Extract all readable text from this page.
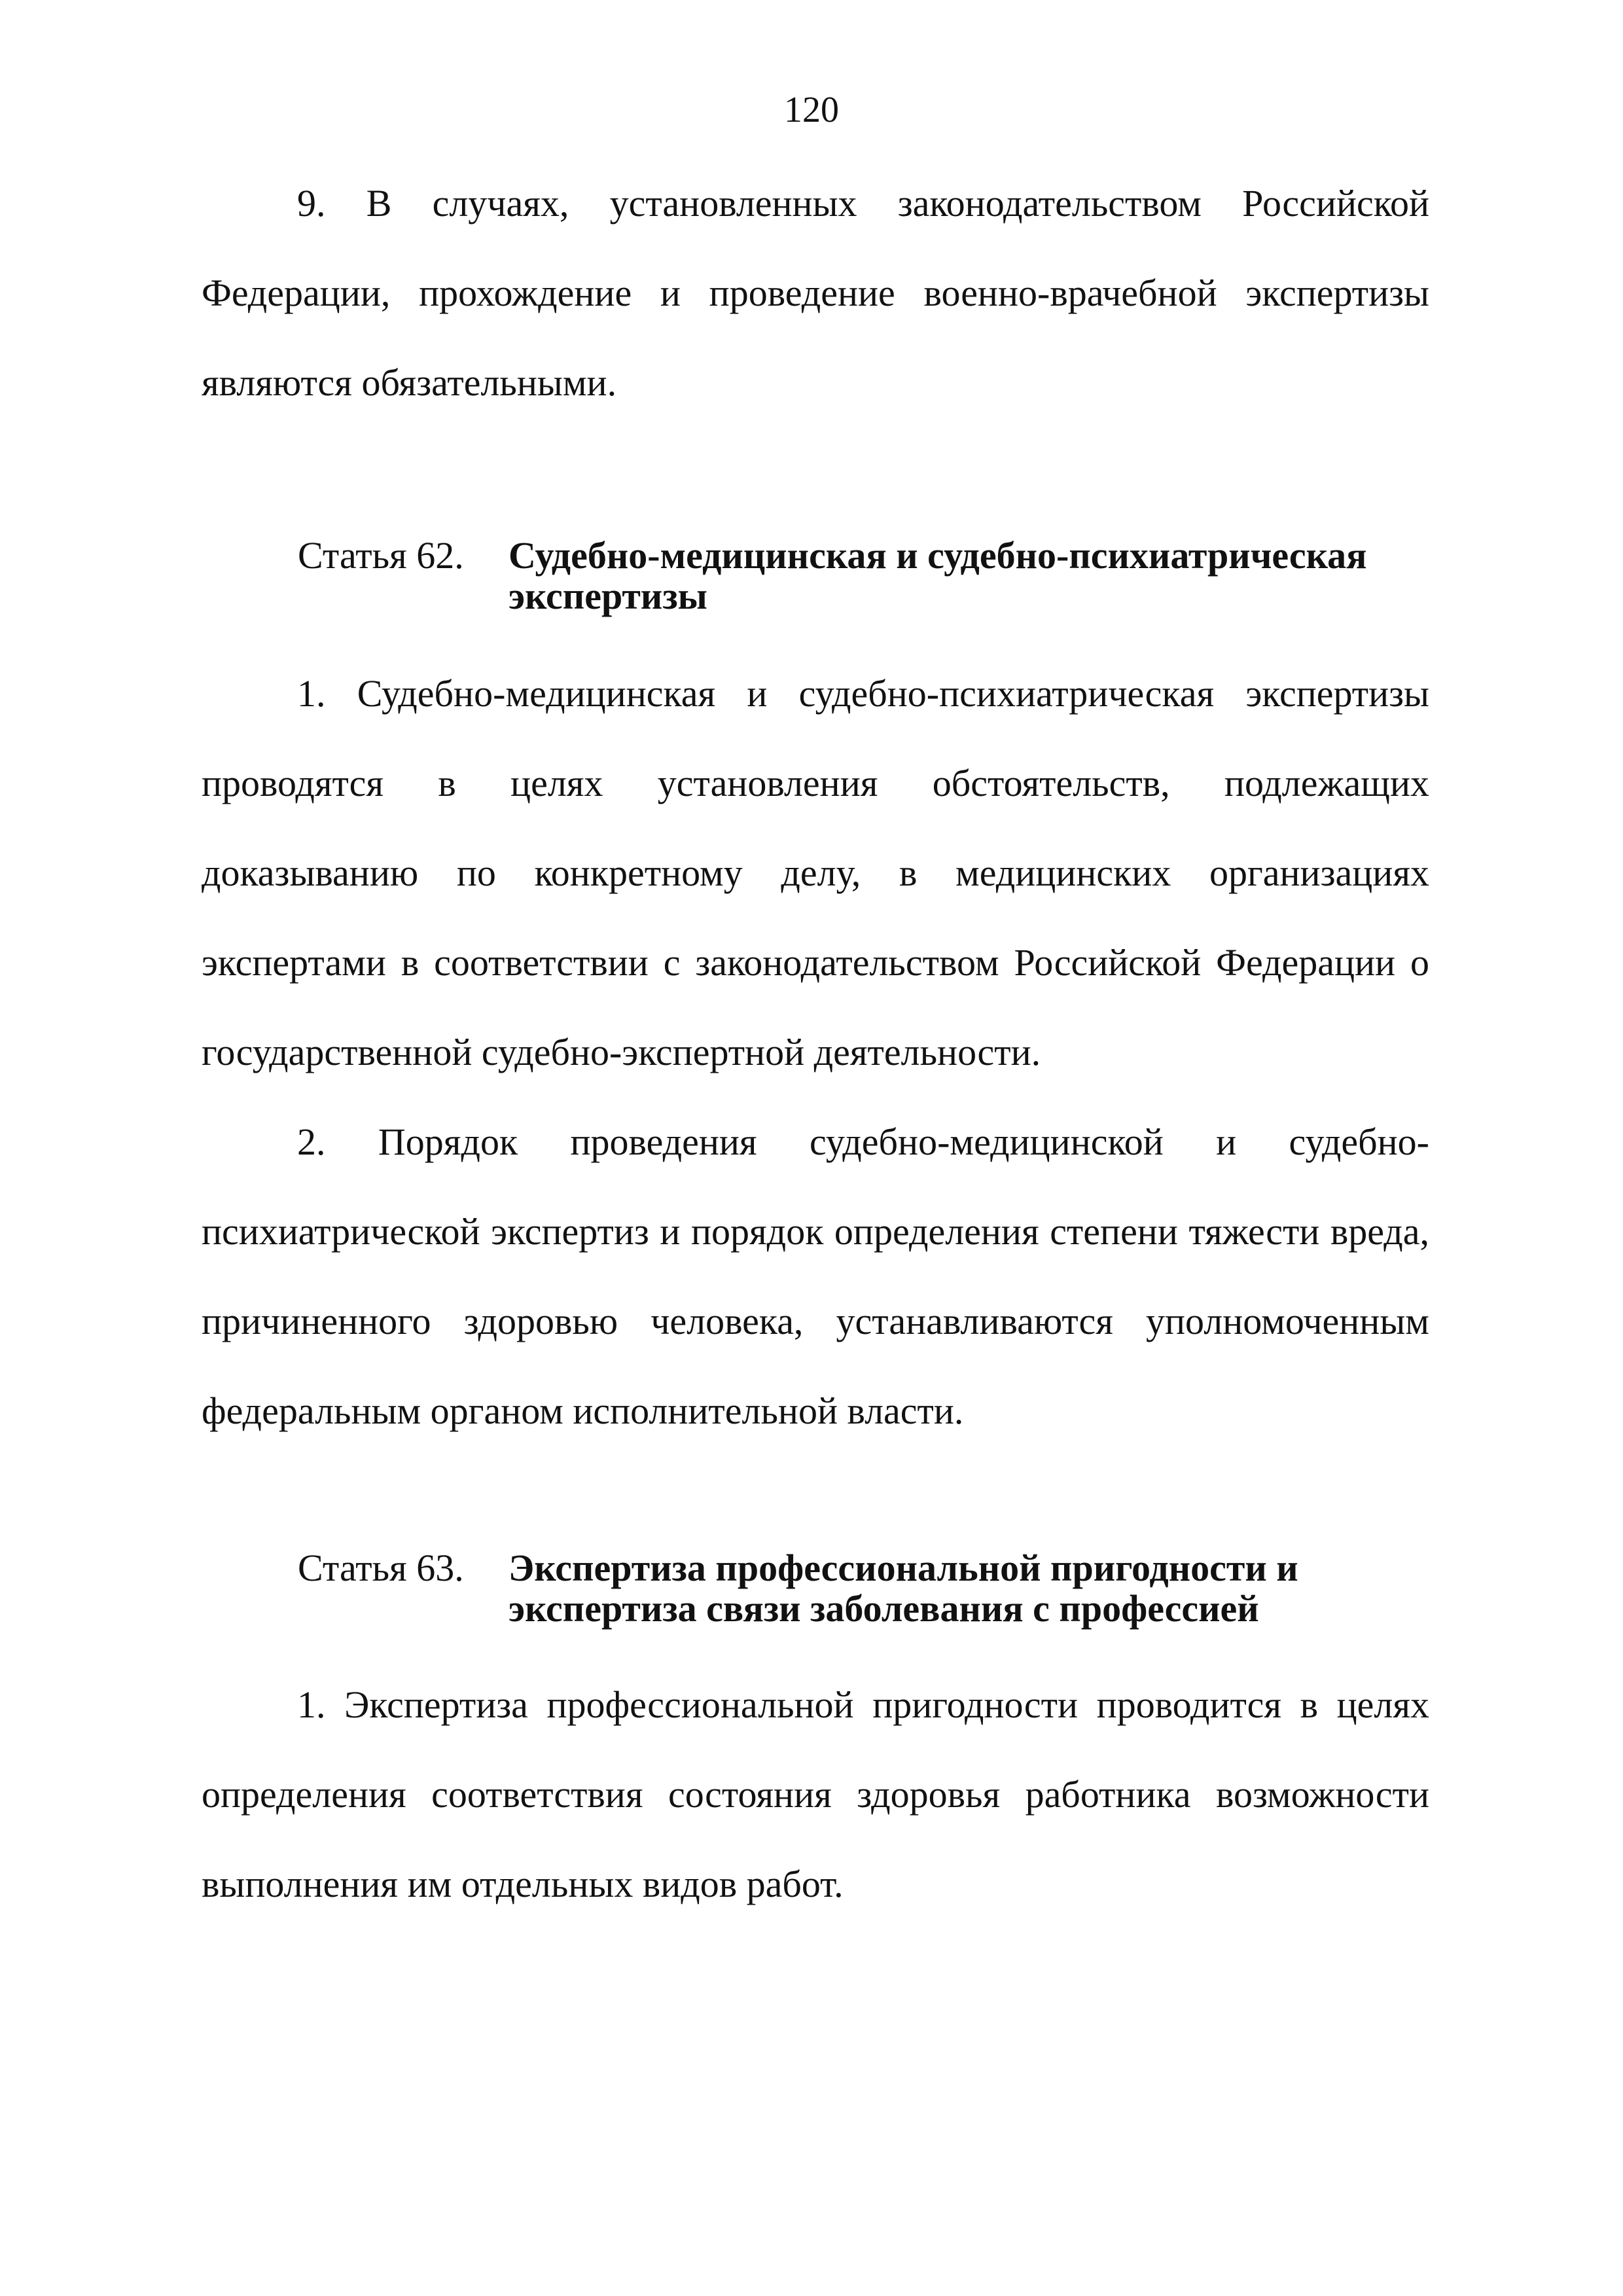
120

9. В случаях, установленных законодательством Российской Федерации, прохождение и проведение военно-врачебной экспертизы являются обязательными.

Статья 62.	Судебно-медицинская и судебно-психиатрическая
экспертизы

1. Судебно-медицинская и судебно-психиатрическая экспертизы проводятся в целях установления обстоятельств, подлежащих доказыванию по конкретному делу, в медицинских организациях экспертами в соответствии с законодательством Российской Федерации о государственной судебно-экспертной деятельности.

2. Порядок проведения судебно-медицинской и судебно-психиатрической экспертиз и порядок определения степени тяжести вреда, причиненного здоровью человека, устанавливаются уполномоченным федеральным органом исполнительной власти.

Статья 63.	Экспертиза профессиональной пригодности и
экспертиза связи заболевания с профессией

1. Экспертиза профессиональной пригодности проводится в целях определения соответствия состояния здоровья работника возможности выполнения им отдельных видов работ.
